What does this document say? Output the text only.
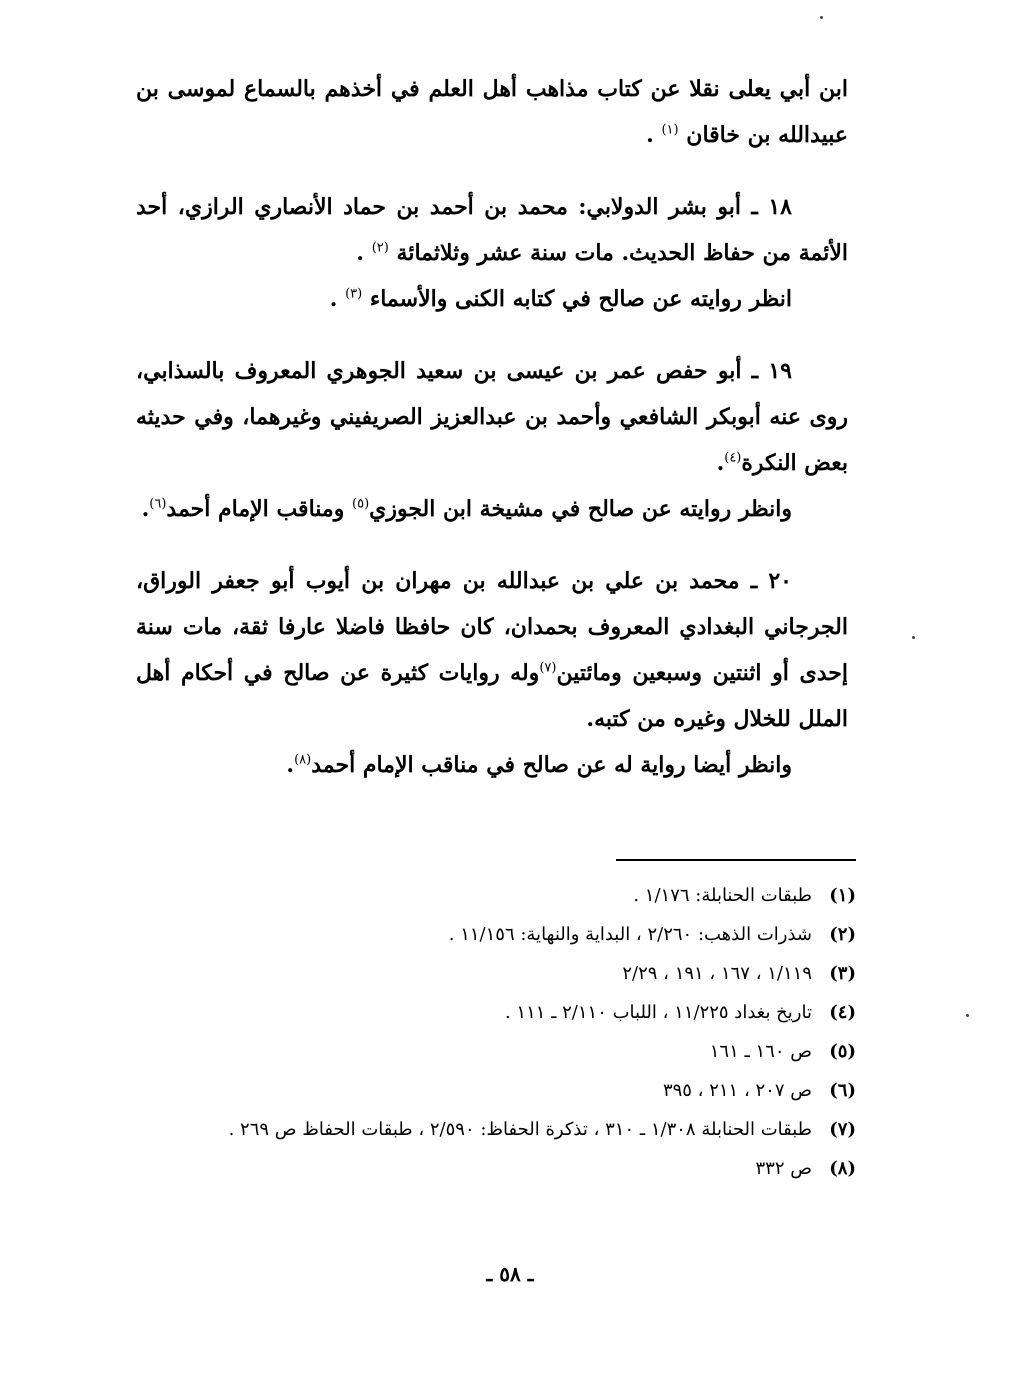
ابن أبي يعلى نقلا عن كتاب مذاهب أهل العلم في أخذهم بالسماع لموسى بن عبيدالله بن خاقان $^{(١)}$ .

١٨ ـ أبو بشر الدولابي: محمد بن أحمد بن حماد الأنصاري الرازي، أحد الأئمة من حفاظ الحديث. مات سنة عشر وثلاثمائة $^{(٢)}$ .

انظر روايته عن صالح في كتابه الكنى والأسماء $^{(٣)}$ .

١٩ ـ أبو حفص عمر بن عيسى بن سعيد الجوهري المعروف بالسذابي، روى عنه أبوبكر الشافعي وأحمد بن عبدالعزيز الصريفيني وغيرهما، وفي حديثه بعض النكرة$^{(٤)}$.

وانظر روايته عن صالح في مشيخة ابن الجوزي$^{(٥)}$ ومناقب الإمام أحمد$^{(٦)}$.

٢٠ ـ محمد بن علي بن عبدالله بن مهران بن أيوب أبو جعفر الوراق، الجرجاني البغدادي المعروف بحمدان، كان حافظا فاضلا عارفا ثقة، مات سنة إحدى أو اثنتين وسبعين ومائتين$^{(٧)}$وله روايات كثيرة عن صالح في أحكام أهل الملل للخلال وغيره من كتبه.

وانظر أيضا رواية له عن صالح في مناقب الإمام أحمد$^{(٨)}$.

(١)
طبقات الحنابلة: ١/١٧٦ .
(٢)
شذرات الذهب: ٢/٢٦٠ ، البداية والنهاية: ١١/١٥٦ .
(٣)
١/١١٩ ، ١٦٧ ، ١٩١ ، ٢/٢٩
(٤)
تاريخ بغداد ١١/٢٢٥ ، اللباب ٢/١١٠ ـ ١١١ .
(٥)
ص ١٦٠ ـ ١٦١
(٦)
ص ٢٠٧ ، ٢١١ ، ٣٩٥
(٧)
طبقات الحنابلة ١/٣٠٨ ـ ٣١٠ ، تذكرة الحفاظ: ٢/٥٩٠ ، طبقات الحفاظ ص ٢٦٩ .
(٨)
ص ٣٣٢
ـ ٥٨ ـ
